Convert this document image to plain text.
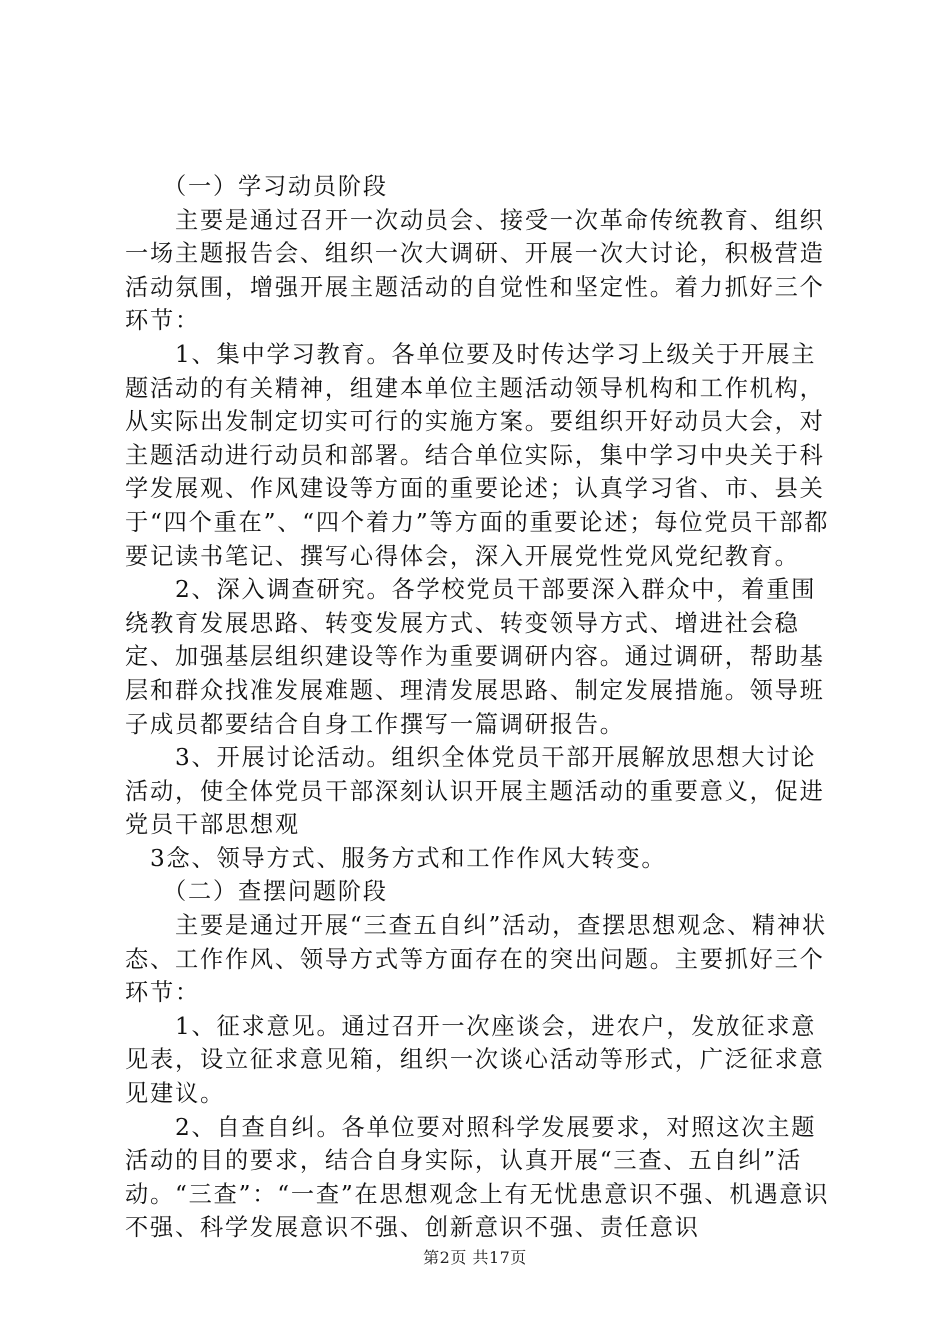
（一）学习动员阶段

主要是通过召开一次动员会、接受一次革命传统教育、组织一场主题报告会、组织一次大调研、开展一次大讨论，积极营造活动氛围，增强开展主题活动的自觉性和坚定性。着力抓好三个环节：

1、集中学习教育。各单位要及时传达学习上级关于开展主题活动的有关精神，组建本单位主题活动领导机构和工作机构，从实际出发制定切实可行的实施方案。要组织开好动员大会，对主题活动进行动员和部署。结合单位实际，集中学习中央关于科学发展观、作风建设等方面的重要论述；认真学习省、市、县关于“四个重在”、“四个着力”等方面的重要论述；每位党员干部都要记读书笔记、撰写心得体会，深入开展党性党风党纪教育。

2、深入调查研究。各学校党员干部要深入群众中，着重围绕教育发展思路、转变发展方式、转变领导方式、增进社会稳定、加强基层组织建设等作为重要调研内容。通过调研，帮助基层和群众找准发展难题、理清发展思路、制定发展措施。领导班子成员都要结合自身工作撰写一篇调研报告。

3、开展讨论活动。组织全体党员干部开展解放思想大讨论活动，使全体党员干部深刻认识开展主题活动的重要意义，促进党员干部思想观

3念、领导方式、服务方式和工作作风大转变。

（二）查摆问题阶段

主要是通过开展“三查五自纠”活动，查摆思想观念、精神状态、工作作风、领导方式等方面存在的突出问题。主要抓好三个环节：

1、征求意见。通过召开一次座谈会，进农户，发放征求意见表，设立征求意见箱，组织一次谈心活动等形式，广泛征求意见建议。

2、自查自纠。各单位要对照科学发展要求，对照这次主题活动的目的要求，结合自身实际，认真开展“三查、五自纠”活动。“三查”：“一查”在思想观念上有无忧患意识不强、机遇意识不强、科学发展意识不强、创新意识不强、责任意识

第2页 共17页
